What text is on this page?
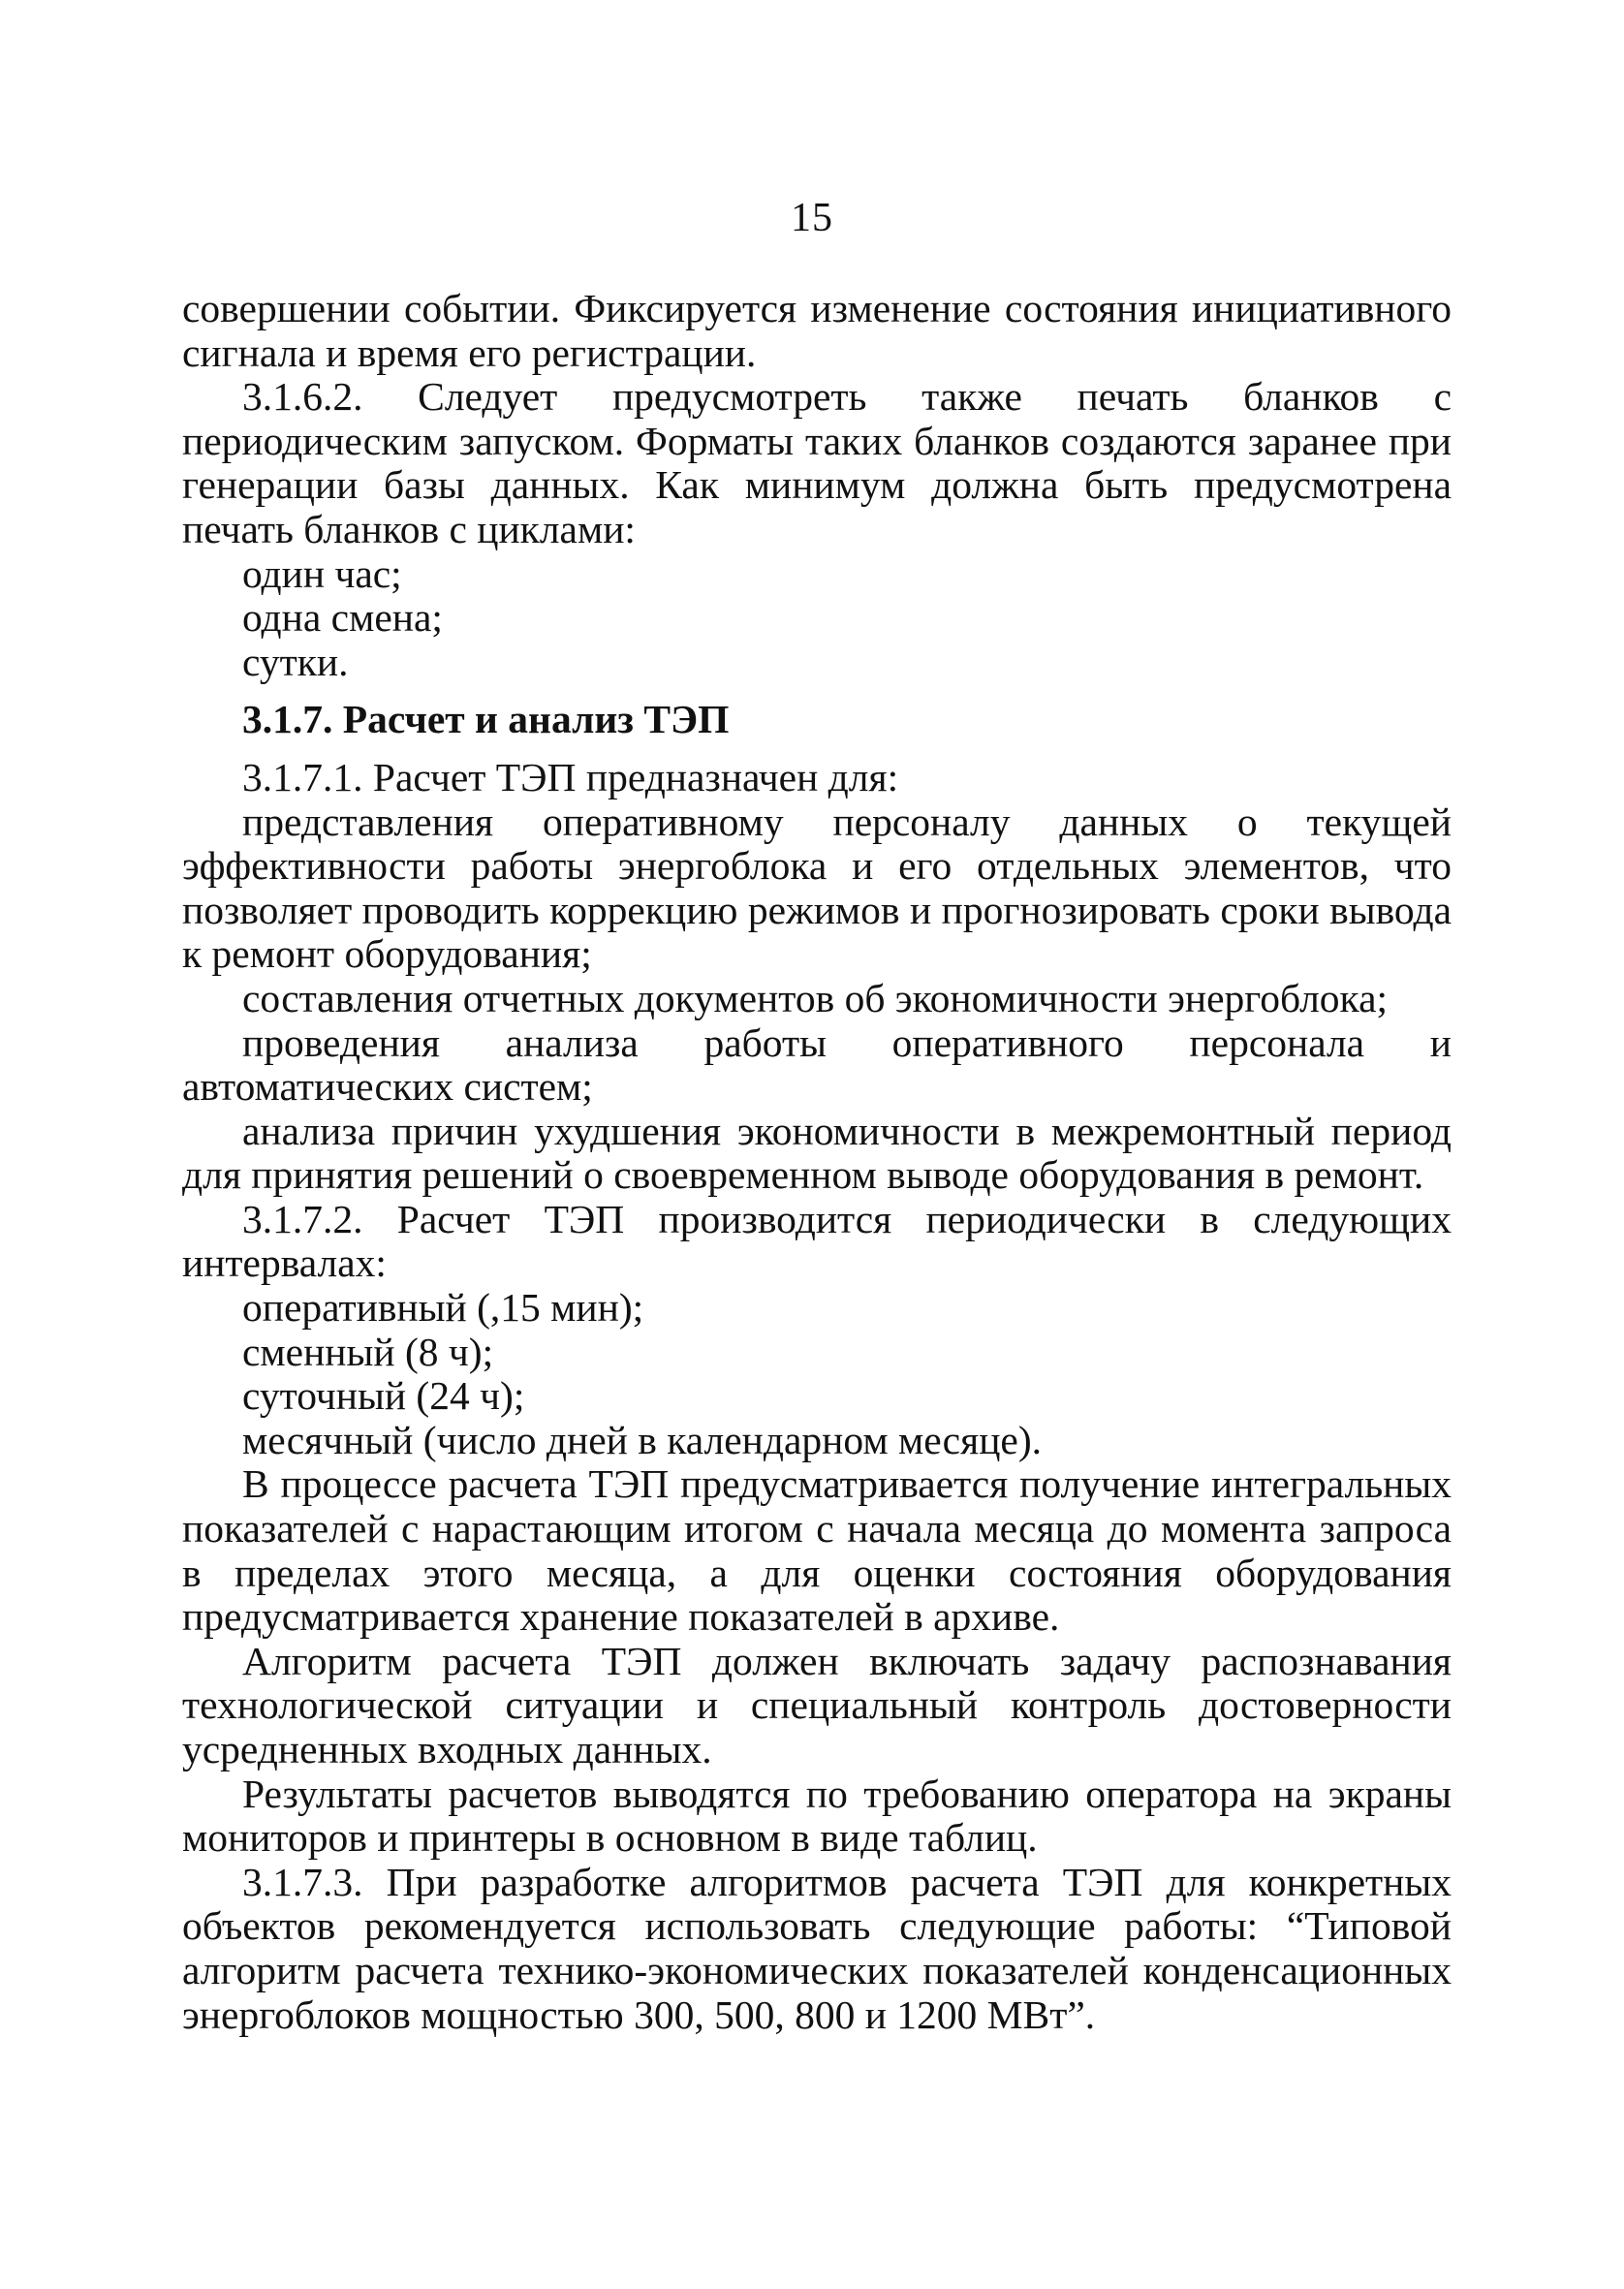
15

совершении событии. Фиксируется изменение состояния инициативного сигнала и время его регистрации.

3.1.6.2. Следует предусмотреть также печать бланков с периодическим запуском. Форматы таких бланков создаются заранее при генерации базы данных. Как минимум должна быть предусмотрена печать бланков с циклами:

один час;

одна смена;

сутки.

3.1.7. Расчет и анализ ТЭП

3.1.7.1. Расчет ТЭП предназначен для:

представления оперативному персоналу данных о текущей эффективности работы энергоблока и его отдельных элементов, что позволяет проводить коррекцию режимов и прогнозировать сроки вывода к ремонт оборудования;

составления отчетных документов об экономичности энергоблока;

проведения анализа работы оперативного персонала и автоматических систем;

анализа причин ухудшения экономичности в межремонтный период для принятия решений о своевременном выводе оборудования в ремонт.

3.1.7.2. Расчет ТЭП производится периодически в следующих интервалах:

оперативный (,15 мин);

сменный (8 ч);

суточный (24 ч);

месячный (число дней в календарном месяце).

В процессе расчета ТЭП предусматривается получение интегральных показателей с нарастающим итогом с начала месяца до момента запроса в пределах этого месяца, а для оценки состояния оборудования предусматривается хранение показателей в архиве.

Алгоритм расчета ТЭП должен включать задачу распознавания технологической ситуации и специальный контроль достоверности усредненных входных данных.

Результаты расчетов выводятся по требованию оператора на экраны мониторов и принтеры в основном в виде таблиц.

3.1.7.3. При разработке алгоритмов расчета ТЭП для конкретных объектов рекомендуется использовать следующие работы: “Типовой алгоритм расчета технико-экономических показателей конденсационных энергоблоков мощностью 300, 500, 800 и 1200 МВт”.
